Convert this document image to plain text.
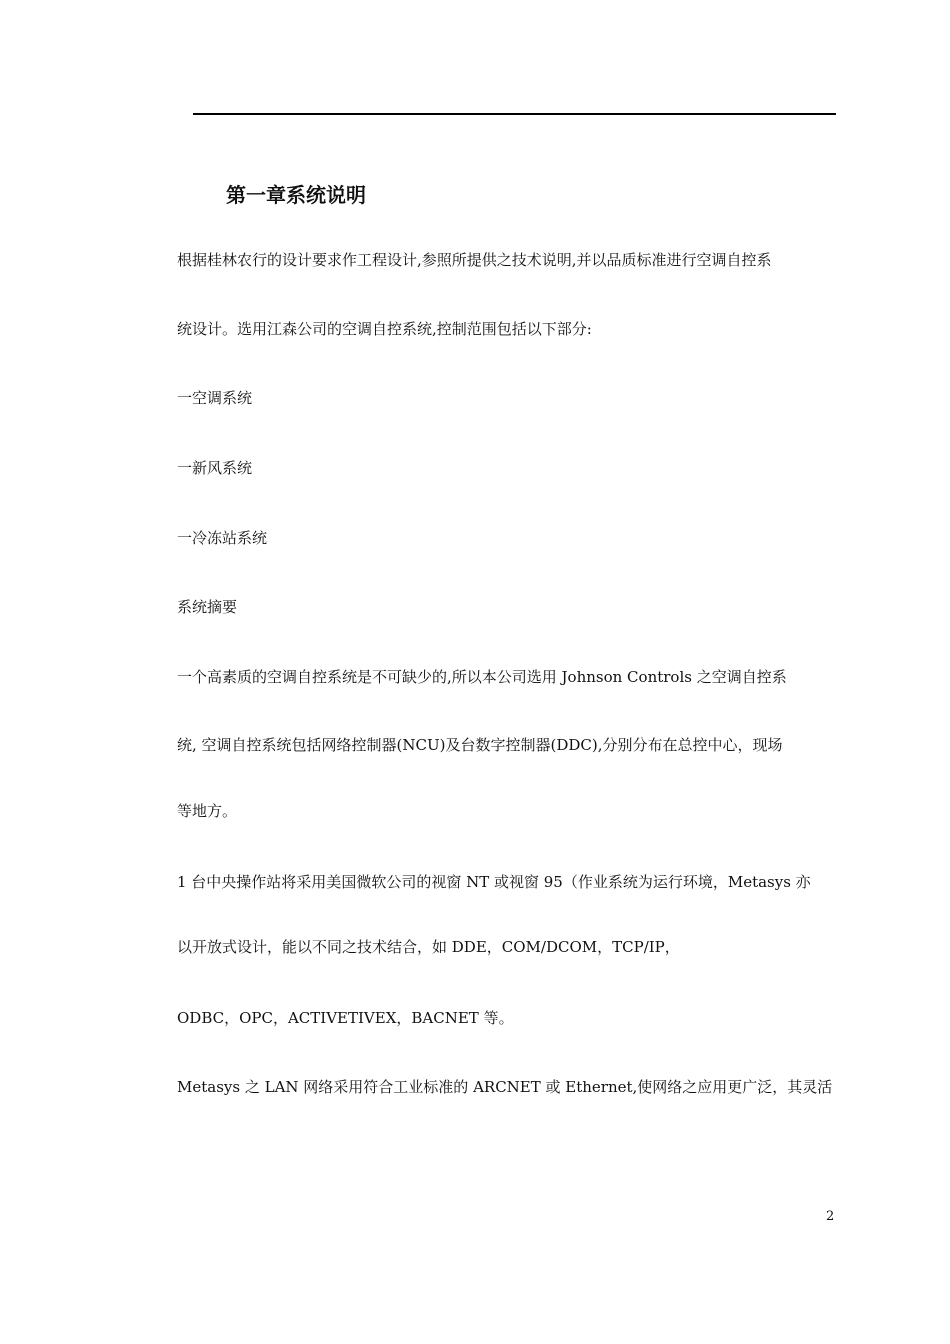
第一章系统说明

根据桂林农行的设计要求作工程设计,参照所提供之技术说明,并以品质标准进行空调自控系

统设计。选用江森公司的空调自控系统,控制范围包括以下部分:

一空调系统

一新风系统

一冷冻站系统

系统摘要

一个高素质的空调自控系统是不可缺少的,所以本公司选用 Johnson Controls 之空调自控系

统, 空调自控系统包括网络控制器(NCU)及台数字控制器(DDC),分别分布在总控中心，现场

等地方。

1 台中央操作站将采用美国微软公司的视窗 NT 或视窗 95（作业系统为运行环境，Metasys 亦

以开放式设计，能以不同之技术结合，如 DDE，COM/DCOM，TCP/IP，

ODBC，OPC，ACTIVETIVEX，BACNET 等。

Metasys 之 LAN 网络采用符合工业标准的 ARCNET 或 Ethernet,使网络之应用更广泛，其灵活

2
